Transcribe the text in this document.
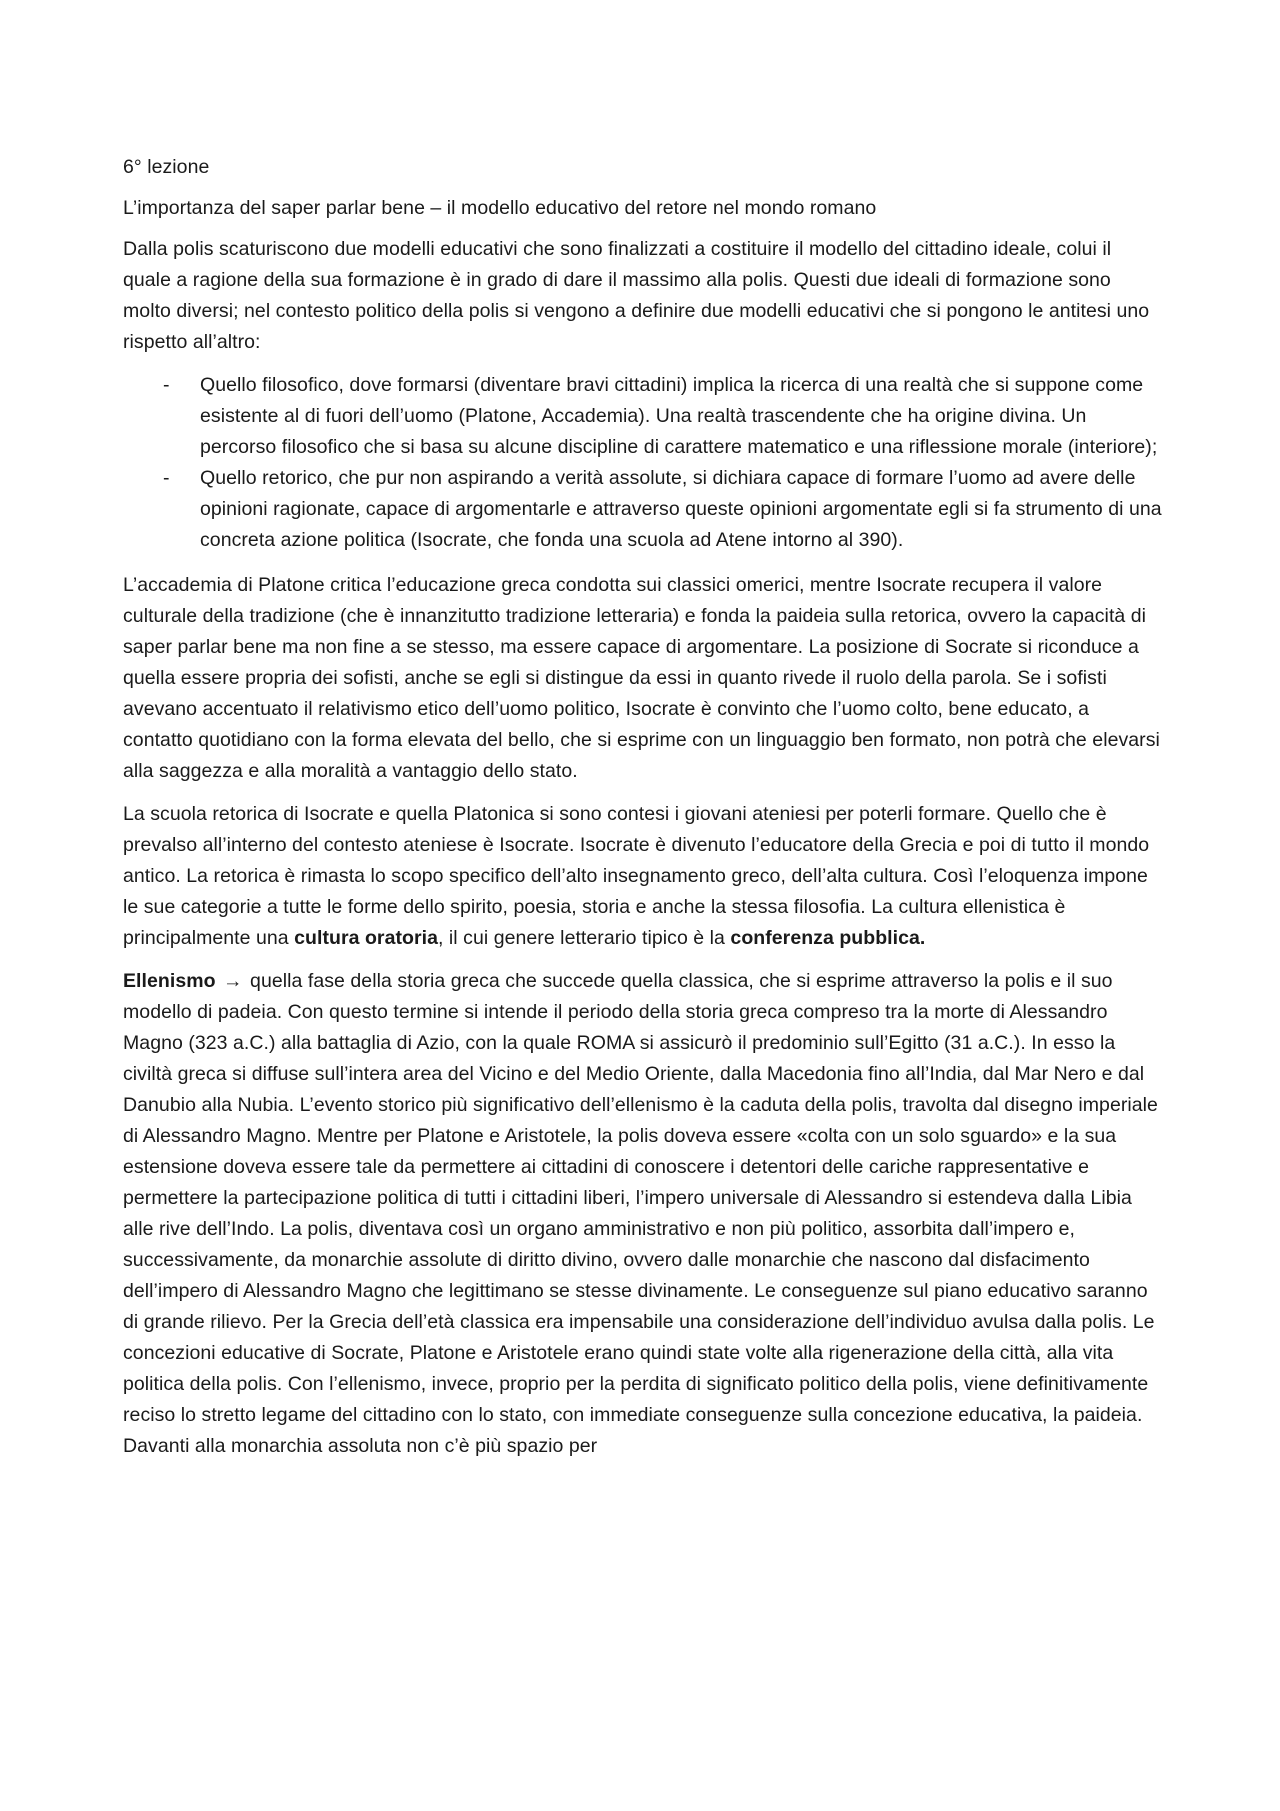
6° lezione

L’importanza del saper parlar bene – il modello educativo del retore nel mondo romano

Dalla polis scaturiscono due modelli educativi che sono finalizzati a costituire il modello del cittadino ideale, colui il quale a ragione della sua formazione è in grado di dare il massimo alla polis. Questi due ideali di formazione sono molto diversi; nel contesto politico della polis si vengono a definire due modelli educativi che si pongono le antitesi uno rispetto all’altro:

- Quello filosofico, dove formarsi (diventare bravi cittadini) implica la ricerca di una realtà che si suppone come esistente al di fuori dell’uomo (Platone, Accademia). Una realtà trascendente che ha origine divina. Un percorso filosofico che si basa su alcune discipline di carattere matematico e una riflessione morale (interiore);
- Quello retorico, che pur non aspirando a verità assolute, si dichiara capace di formare l’uomo ad avere delle opinioni ragionate, capace di argomentarle e attraverso queste opinioni argomentate egli si fa strumento di una concreta azione politica (Isocrate, che fonda una scuola ad Atene intorno al 390).

L’accademia di Platone critica l’educazione greca condotta sui classici omerici, mentre Isocrate recupera il valore culturale della tradizione (che è innanzitutto tradizione letteraria) e fonda la paideia sulla retorica, ovvero la capacità di saper parlar bene ma non fine a se stesso, ma essere capace di argomentare. La posizione di Socrate si riconduce a quella essere propria dei sofisti, anche se egli si distingue da essi in quanto rivede il ruolo della parola. Se i sofisti avevano accentuato il relativismo etico dell’uomo politico, Isocrate è convinto che l’uomo colto, bene educato, a contatto quotidiano con la forma elevata del bello, che si esprime con un linguaggio ben formato, non potrà che elevarsi alla saggezza e alla moralità a vantaggio dello stato.

La scuola retorica di Isocrate e quella Platonica si sono contesi i giovani ateniesi per poterli formare. Quello che è prevalso all’interno del contesto ateniese è Isocrate. Isocrate è divenuto l’educatore della Grecia e poi di tutto il mondo antico. La retorica è rimasta lo scopo specifico dell’alto insegnamento greco, dell’alta cultura. Così l’eloquenza impone le sue categorie a tutte le forme dello spirito, poesia, storia e anche la stessa filosofia. La cultura ellenistica è principalmente una cultura oratoria, il cui genere letterario tipico è la conferenza pubblica.

Ellenismo → quella fase della storia greca che succede quella classica, che si esprime attraverso la polis e il suo modello di padeia. Con questo termine si intende il periodo della storia greca compreso tra la morte di Alessandro Magno (323 a.C.) alla battaglia di Azio, con la quale ROMA si assicurò il predominio sull’Egitto (31 a.C.). In esso la civiltà greca si diffuse sull’intera area del Vicino e del Medio Oriente, dalla Macedonia fino all’India, dal Mar Nero e dal Danubio alla Nubia. L’evento storico più significativo dell’ellenismo è la caduta della polis, travolta dal disegno imperiale di Alessandro Magno. Mentre per Platone e Aristotele, la polis doveva essere «colta con un solo sguardo» e la sua estensione doveva essere tale da permettere ai cittadini di conoscere i detentori delle cariche rappresentative e permettere la partecipazione politica di tutti i cittadini liberi, l’impero universale di Alessandro si estendeva dalla Libia alle rive dell’Indo. La polis, diventava così un organo amministrativo e non più politico, assorbita dall’impero e, successivamente, da monarchie assolute di diritto divino, ovvero dalle monarchie che nascono dal disfacimento dell’impero di Alessandro Magno che legittimano se stesse divinamente. Le conseguenze sul piano educativo saranno di grande rilievo. Per la Grecia dell’età classica era impensabile una considerazione dell’individuo avulsa dalla polis. Le concezioni educative di Socrate, Platone e Aristotele erano quindi state volte alla rigenerazione della città, alla vita politica della polis. Con l’ellenismo, invece, proprio per la perdita di significato politico della polis, viene definitivamente reciso lo stretto legame del cittadino con lo stato, con immediate conseguenze sulla concezione educativa, la paideia. Davanti alla monarchia assoluta non c’è più spazio per
